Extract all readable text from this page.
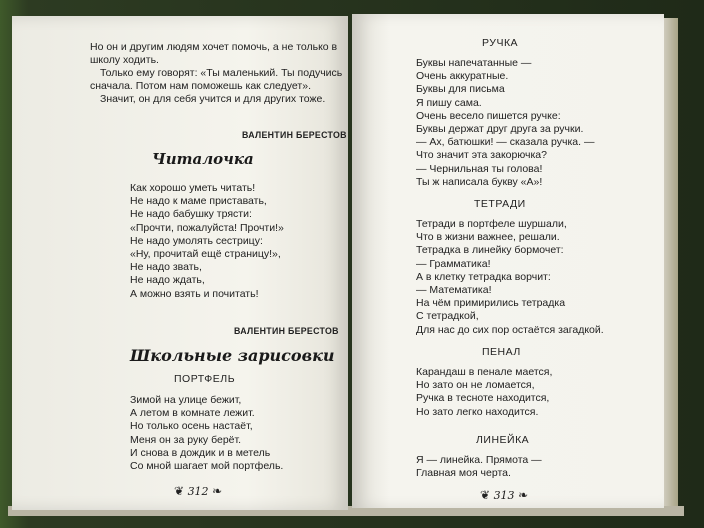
Но он и другим людям хочет помочь, а не только в
школу ходить.
Только ему говорят: «Ты маленький. Ты подучись
сначала. Потом нам поможешь как следует».
Значит, он для себя учится и для других тоже.
ВАЛЕНТИН БЕРЕСТОВ
Читалочка
Как хорошо уметь читать!
Не надо к маме приставать,
Не надо бабушку трясти:
«Прочти, пожалуйста! Прочти!»
Не надо умолять сестрицу:
«Ну, прочитай ещё страницу!»,
Не надо звать,
Не надо ждать,
А можно взять и почитать!
ВАЛЕНТИН БЕРЕСТОВ
Школьные зарисовки
ПОРТФЕЛЬ
Зимой на улице бежит,
А летом в комнате лежит.
Но только осень настаёт,
Меня он за руку берёт.
И снова в дождик и в метель
Со мной шагает мой портфель.
❦ 312 ❧
РУЧКА
Буквы напечатанные —
Очень аккуратные.
Буквы для письма
Я пишу сама.
Очень весело пишется ручке:
Буквы держат друг друга за ручки.
— Ах, батюшки! — сказала ручка. —
Что значит эта закорючка?
— Чернильная ты голова!
Ты ж написала букву «А»!
ТЕТРАДИ
Тетради в портфеле шуршали,
Что в жизни важнее, решали.
Тетрадка в линейку бормочет:
— Грамматика!
А в клетку тетрадка ворчит:
— Математика!
На чём примирились тетрадка
С тетрадкой,
Для нас до сих пор остаётся загадкой.
ПЕНАЛ
Карандаш в пенале мается,
Но зато он не ломается,
Ручка в тесноте находится,
Но зато легко находится.
ЛИНЕЙКА
Я — линейка. Прямота —
Главная моя черта.
❦ 313 ❧
